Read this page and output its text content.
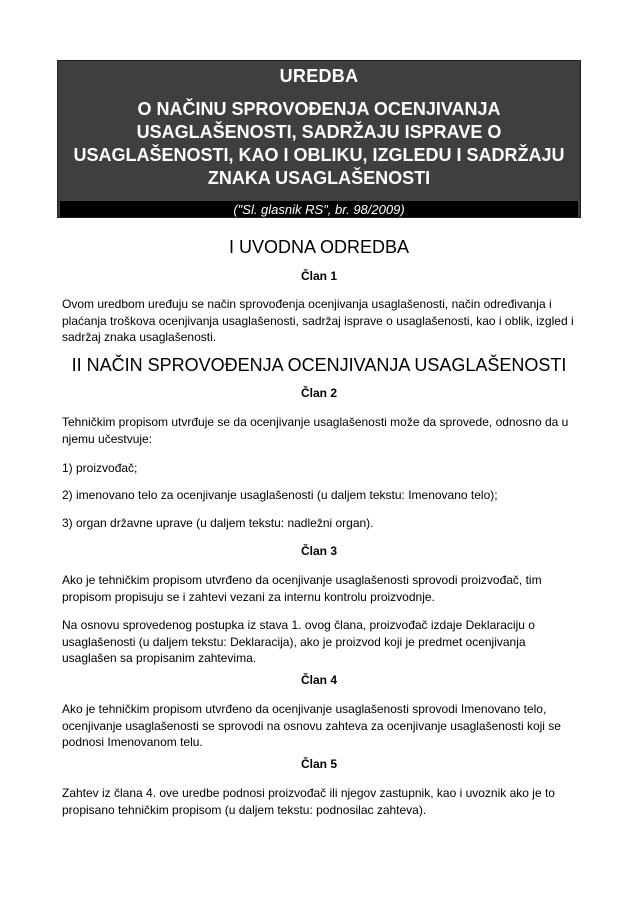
UREDBA
O NAČINU SPROVOĐENJA OCENJIVANJA USAGLAŠENOSTI, SADRŽAJU ISPRAVE O USAGLAŠENOSTI, KAO I OBLIKU, IZGLEDU I SADRŽAJU ZNAKA USAGLAŠENOSTI
("Sl. glasnik RS", br. 98/2009)
I UVODNA ODREDBA
Član 1
Ovom uredbom uređuju se način sprovođenja ocenjivanja usaglašenosti, način određivanja i plaćanja troškova ocenjivanja usaglašenosti, sadržaj isprave o usaglašenosti, kao i oblik, izgled i sadržaj znaka usaglašenosti.
II NAČIN SPROVOĐENJA OCENJIVANJA USAGLAŠENOSTI
Član 2
Tehničkim propisom utvrđuje se da ocenjivanje usaglašenosti može da sprovede, odnosno da u njemu učestvuje:
1) proizvođač;
2) imenovano telo za ocenjivanje usaglašenosti (u daljem tekstu: Imenovano telo);
3) organ državne uprave (u daljem tekstu: nadležni organ).
Član 3
Ako je tehničkim propisom utvrđeno da ocenjivanje usaglašenosti sprovodi proizvođač, tim propisom propisuju se i zahtevi vezani za internu kontrolu proizvodnje.
Na osnovu sprovedenog postupka iz stava 1. ovog člana, proizvođač izdaje Deklaraciju o usaglašenosti (u daljem tekstu: Deklaracija), ako je proizvod koji je predmet ocenjivanja usaglašen sa propisanim zahtevima.
Član 4
Ako je tehničkim propisom utvrđeno da ocenjivanje usaglašenosti sprovodi Imenovano telo, ocenjivanje usaglašenosti se sprovodi na osnovu zahteva za ocenjivanje usaglašenosti koji se podnosi Imenovanom telu.
Član 5
Zahtev iz člana 4. ove uredbe podnosi proizvođač ili njegov zastupnik, kao i uvoznik ako je to propisano tehničkim propisom (u daljem tekstu: podnosilac zahteva).
